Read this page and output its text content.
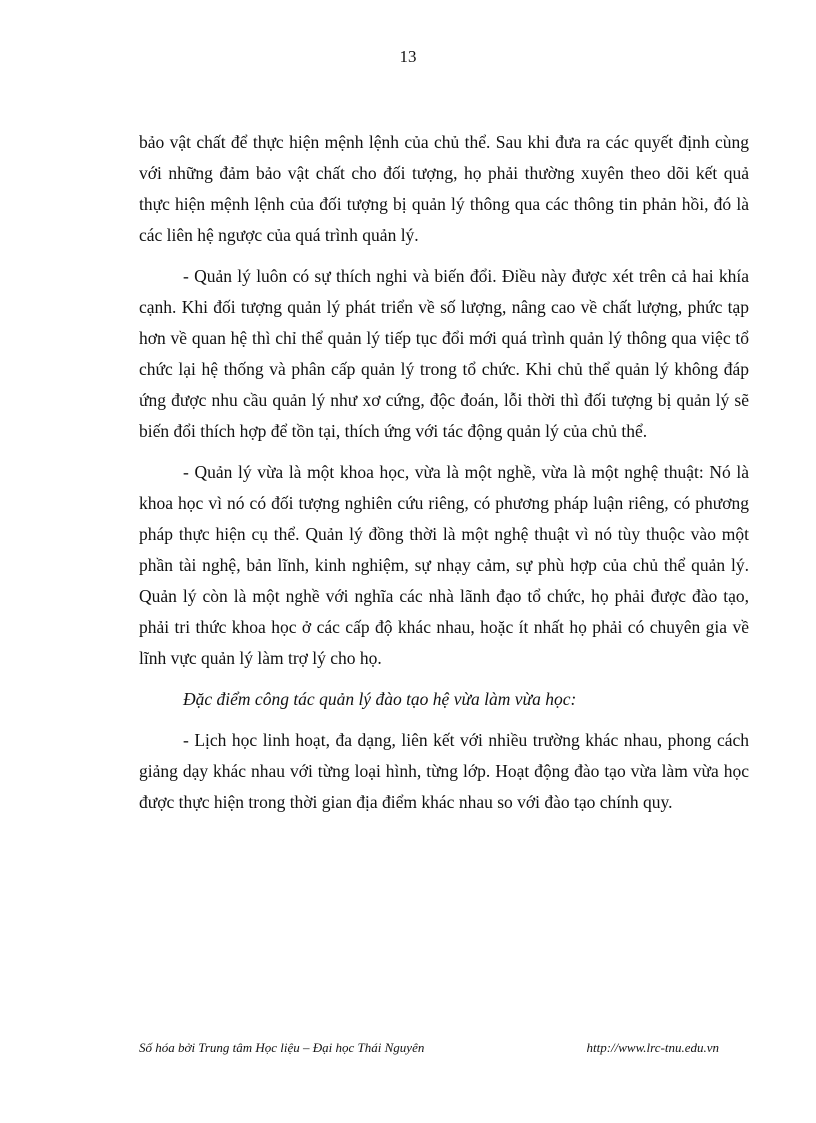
13

bảo vật chất để thực hiện mệnh lệnh của chủ thể. Sau khi đưa ra các quyết định cùng với những đảm bảo vật chất cho đối tượng, họ phải thường xuyên theo dõi kết quả thực hiện mệnh lệnh của đối tượng bị quản lý thông qua các thông tin phản hồi, đó là các liên hệ ngược của quá trình quản lý.

- Quản lý luôn có sự thích nghi và biến đổi. Điều này được xét trên cả hai khía cạnh. Khi đối tượng quản lý phát triển về số lượng, nâng cao về chất lượng, phức tạp hơn về quan hệ thì chỉ thể quản lý tiếp tục đổi mới quá trình quản lý thông qua việc tổ chức lại hệ thống và phân cấp quản lý trong tổ chức. Khi chủ thể quản lý không đáp ứng được nhu cầu quản lý như xơ cứng, độc đoán, lỗi thời thì đối tượng bị quản lý sẽ biến đổi thích hợp để tồn tại, thích ứng với tác động quản lý của chủ thể.

- Quản lý vừa là một khoa học, vừa là một nghề, vừa là một nghệ thuật: Nó là khoa học vì nó có đối tượng nghiên cứu riêng, có phương pháp luận riêng, có phương pháp thực hiện cụ thể. Quản lý đồng thời là một nghệ thuật vì nó tùy thuộc vào một phần tài nghệ, bản lĩnh, kinh nghiệm, sự nhạy cảm, sự phù hợp của chủ thể quản lý. Quản lý còn là một nghề với nghĩa các nhà lãnh đạo tổ chức, họ phải được đào tạo, phải tri thức khoa học ở các cấp độ khác nhau, hoặc ít nhất họ phải có chuyên gia về lĩnh vực quản lý làm trợ lý cho họ.

Đặc điểm công tác quản lý đào tạo hệ vừa làm vừa học:

- Lịch học linh hoạt, đa dạng, liên kết với nhiều trường khác nhau, phong cách giảng dạy khác nhau với từng loại hình, từng lớp. Hoạt động đào tạo vừa làm vừa học được thực hiện trong thời gian địa điểm khác nhau so với đào tạo chính quy.

Số hóa bởi Trung tâm Học liệu – Đại học Thái Nguyên	http://www.lrc-tnu.edu.vn
